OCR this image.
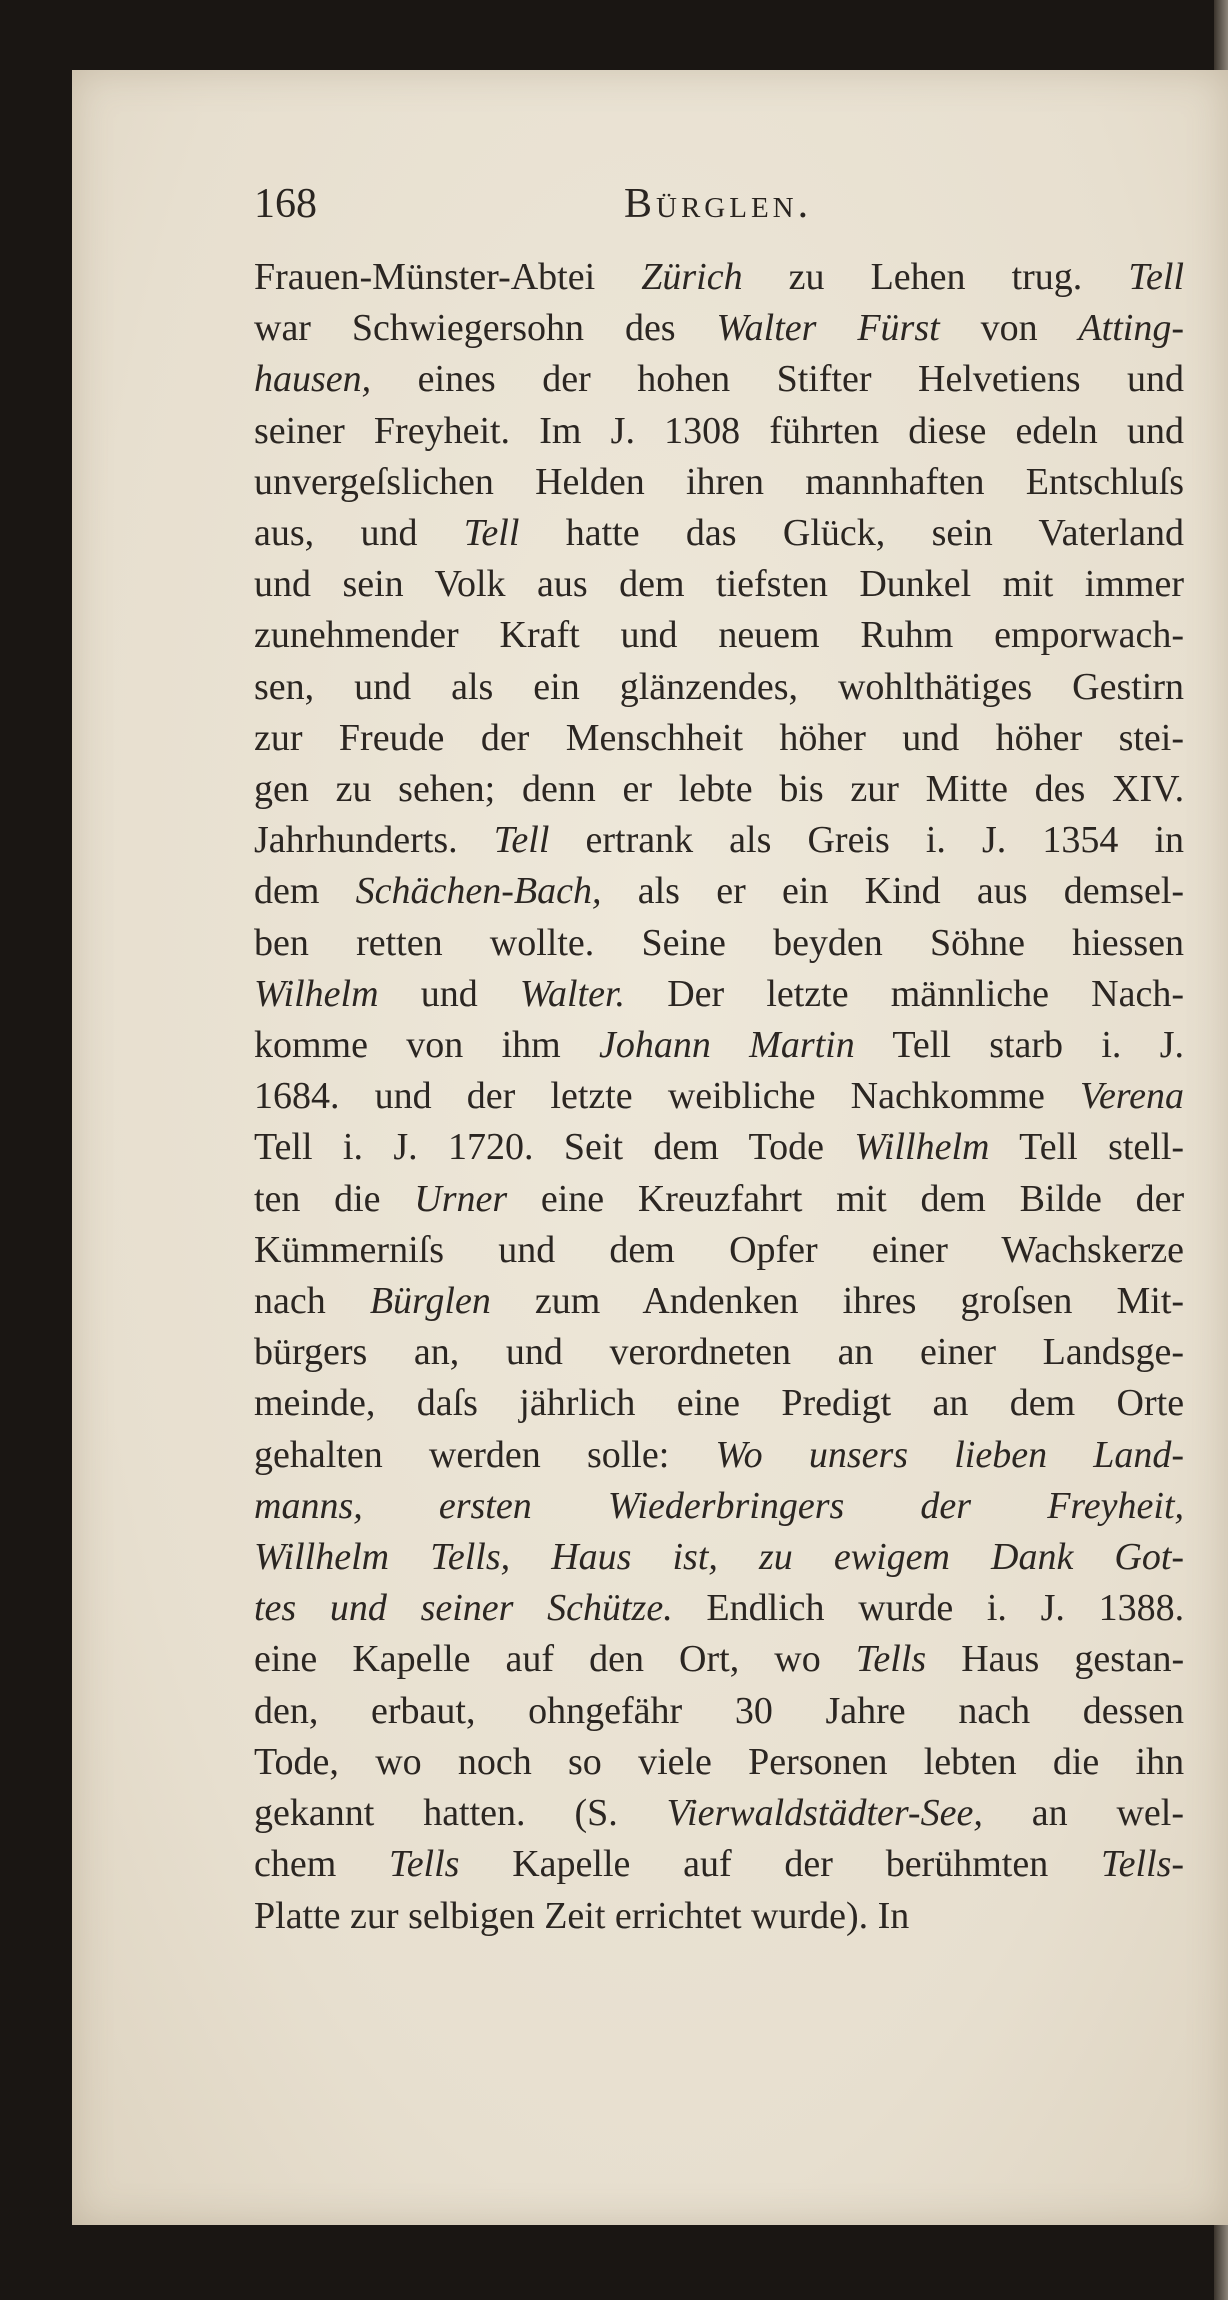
168	Bürglen.
Frauen-Münster-Abtei Zürich zu Lehen trug. Tell
war Schwiegersohn des Walter Fürst von Atting-
hausen, eines der hohen Stifter Helvetiens und
seiner Freyheit. Im J. 1308 führten diese edeln und
unvergeſslichen Helden ihren mannhaften Entschluſs
aus, und Tell hatte das Glück, sein Vaterland
und sein Volk aus dem tiefsten Dunkel mit immer
zunehmender Kraft und neuem Ruhm emporwach-
sen, und als ein glänzendes, wohlthätiges Gestirn
zur Freude der Menschheit höher und höher stei-
gen zu sehen; denn er lebte bis zur Mitte des XIV.
Jahrhunderts. Tell ertrank als Greis i. J. 1354 in
dem Schächen-Bach, als er ein Kind aus demsel-
ben retten wollte. Seine beyden Söhne hiessen
Wilhelm und Walter. Der letzte männliche Nach-
komme von ihm Johann Martin Tell starb i. J.
1684. und der letzte weibliche Nachkomme Verena
Tell i. J. 1720. Seit dem Tode Willhelm Tell stell-
ten die Urner eine Kreuzfahrt mit dem Bilde der
Kümmerniſs und dem Opfer einer Wachskerze
nach Bürglen zum Andenken ihres groſsen Mit-
bürgers an, und verordneten an einer Landsge-
meinde, daſs jährlich eine Predigt an dem Orte
gehalten werden solle: Wo unsers lieben Land-
manns, ersten Wiederbringers der Freyheit,
Willhelm Tells, Haus ist, zu ewigem Dank Got-
tes und seiner Schütze. Endlich wurde i. J. 1388.
eine Kapelle auf den Ort, wo Tells Haus gestan-
den, erbaut, ohngefähr 30 Jahre nach dessen
Tode, wo noch so viele Personen lebten die ihn
gekannt hatten. (S. Vierwaldstädter-See, an wel-
chem Tells Kapelle auf der berühmten Tells-
Platte zur selbigen Zeit errichtet wurde). In
